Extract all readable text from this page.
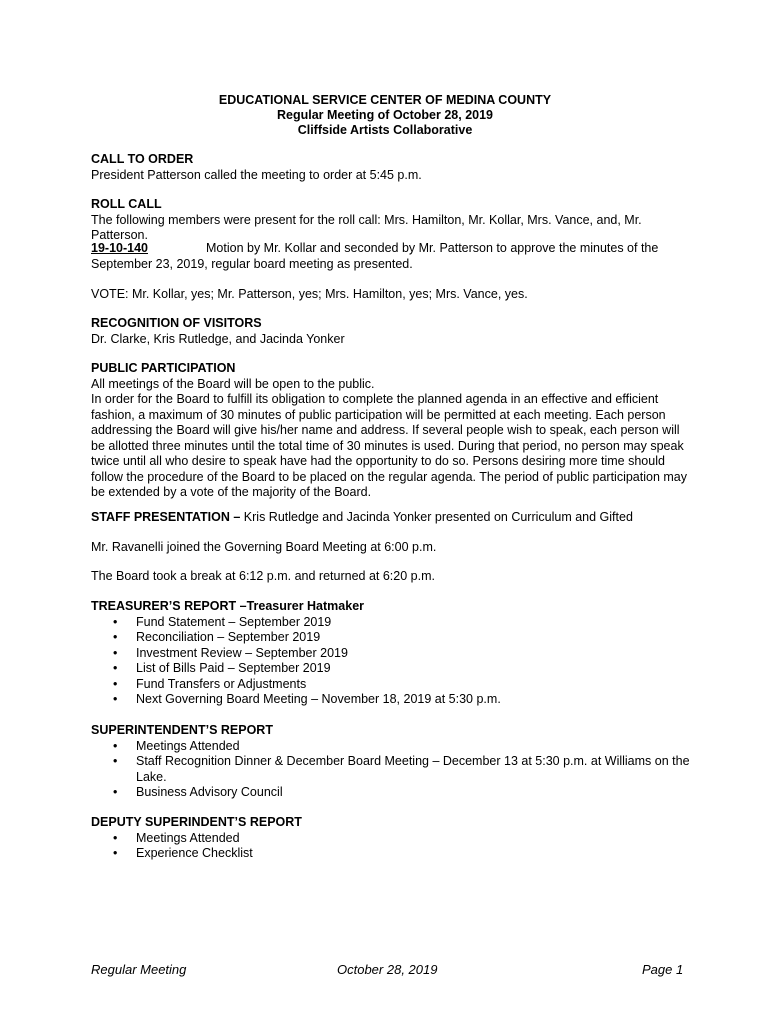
EDUCATIONAL SERVICE CENTER OF MEDINA COUNTY
Regular Meeting of October 28, 2019
Cliffside Artists Collaborative
CALL TO ORDER
President Patterson called the meeting to order at 5:45 p.m.
ROLL CALL
The following members were present for the roll call: Mrs. Hamilton, Mr. Kollar, Mrs. Vance, and, Mr. Patterson.

19-10-140	Motion by Mr. Kollar and seconded by Mr. Patterson to approve the minutes of the September 23, 2019, regular board meeting as presented.

VOTE: Mr. Kollar, yes; Mr. Patterson, yes; Mrs. Hamilton, yes; Mrs. Vance, yes.
RECOGNITION OF VISITORS
Dr. Clarke, Kris Rutledge, and Jacinda Yonker
PUBLIC PARTICIPATION
All meetings of the Board will be open to the public.
In order for the Board to fulfill its obligation to complete the planned agenda in an effective and efficient fashion, a maximum of 30 minutes of public participation will be permitted at each meeting. Each person addressing the Board will give his/her name and address. If several people wish to speak, each person will be allotted three minutes until the total time of 30 minutes is used. During that period, no person may speak twice until all who desire to speak have had the opportunity to do so. Persons desiring more time should follow the procedure of the Board to be placed on the regular agenda. The period of public participation may be extended by a vote of the majority of the Board.

STAFF PRESENTATION – Kris Rutledge and Jacinda Yonker presented on Curriculum and Gifted

Mr. Ravanelli joined the Governing Board Meeting at 6:00 p.m.
The Board took a break at 6:12 p.m. and returned at 6:20 p.m.
TREASURER’S REPORT –Treasurer Hatmaker
• Fund Statement – September 2019
• Reconciliation – September 2019
• Investment Review – September 2019
• List of Bills Paid – September 2019
• Fund Transfers or Adjustments
• Next Governing Board Meeting – November 18, 2019 at 5:30 p.m.
SUPERINTENDENT’S REPORT
• Meetings Attended
• Staff Recognition Dinner & December Board Meeting – December 13 at 5:30 p.m. at Williams on the Lake.
• Business Advisory Council
DEPUTY SUPERINDENT’S REPORT
• Meetings Attended
• Experience Checklist
Regular Meeting	October 28, 2019	Page 1
